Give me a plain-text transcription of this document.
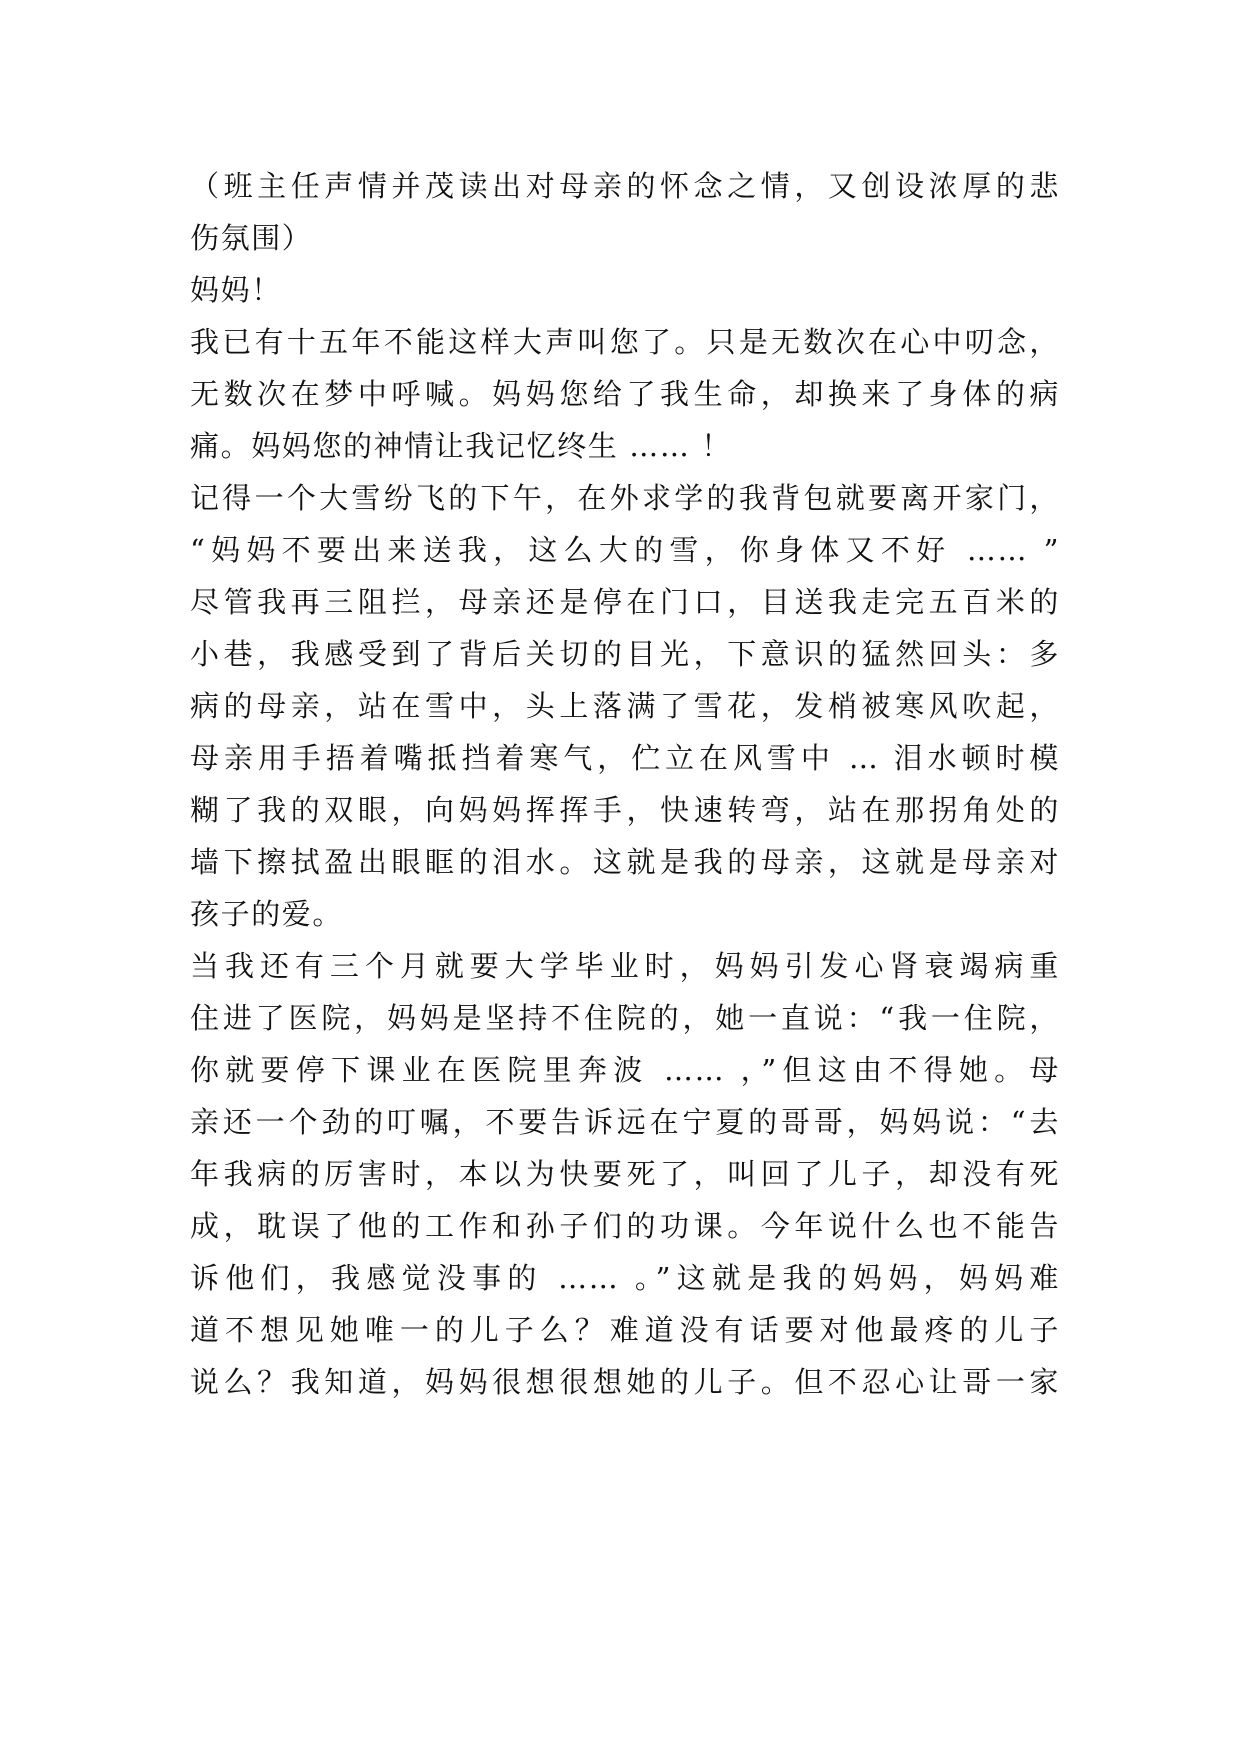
（班主任声情并茂读出对母亲的怀念之情，又创设浓厚的悲
伤氛围）
妈妈！
我已有十五年不能这样大声叫您了。只是无数次在心中叨念，
无数次在梦中呼喊。妈妈您给了我生命，却换来了身体的病
痛。妈妈您的神情让我记忆终生 …… ！
记得一个大雪纷飞的下午，在外求学的我背包就要离开家门，
“妈妈不要出来送我，这么大的雪，你身体又不好 …… ”
尽管我再三阻拦，母亲还是停在门口，目送我走完五百米的
小巷，我感受到了背后关切的目光，下意识的猛然回头：多
病的母亲，站在雪中，头上落满了雪花，发梢被寒风吹起，
母亲用手捂着嘴抵挡着寒气，伫立在风雪中 … 泪水顿时模
糊了我的双眼，向妈妈挥挥手，快速转弯，站在那拐角处的
墙下擦拭盈出眼眶的泪水。这就是我的母亲，这就是母亲对
孩子的爱。
当我还有三个月就要大学毕业时，妈妈引发心肾衰竭病重
住进了医院，妈妈是坚持不住院的，她一直说：“我一住院，
你就要停下课业在医院里奔波 …… ，”但这由不得她。母
亲还一个劲的叮嘱，不要告诉远在宁夏的哥哥，妈妈说：“去
年我病的厉害时，本以为快要死了，叫回了儿子，却没有死
成，耽误了他的工作和孙子们的功课。今年说什么也不能告
诉他们，我感觉没事的 …… 。”这就是我的妈妈，妈妈难
道不想见她唯一的儿子么？难道没有话要对他最疼的儿子
说么？我知道，妈妈很想很想她的儿子。但不忍心让哥一家
